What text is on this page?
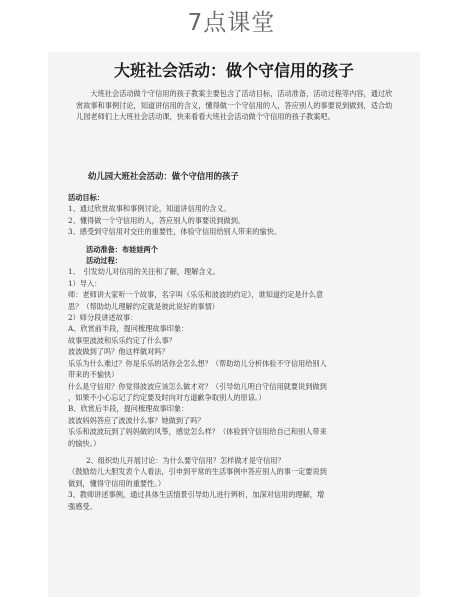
7点课堂
大班社会活动：做个守信用的孩子

大班社会活动做个守信用的孩子教案主要包含了活动目标，活动准备，活动过程等内容，通过欣赏故事和事例讨论，知道讲信用的含义，懂得做一个守信用的人，答应别人的事要说到做到，适合幼儿园老师们上大班社会活动课，快来看看大班社会活动做个守信用的孩子教案吧。

幼儿园大班社会活动：做个守信用的孩子
活动目标：
1、通过欣赏故事和事例讨论，知道讲信用的含义。
2、懂得做一个守信用的人，答应别人的事要说到做到。
3、感受到守信用对交往的重要性，体验守信用给别人带来的愉快。
活动准备：布娃娃两个
活动过程：
1、　引发幼儿对信用的关注和了解，理解含义。
1）导入：
师：老师讲大家听一个故事，名字叫《乐乐和波波的约定》，谁知道约定是什么意
思？（帮助幼儿理解约定就是彼此说好的事情）
2）师分段讲述故事：
A、欣赏前半段，提问梳理故事印象：
故事里波波和乐乐约定了什么事？
波波做到了吗？他这样做对吗？
乐乐为什么难过？你是乐乐的话你会怎么想？（帮助幼儿分析体验不守信用给别人
带来的不愉快）
什么是守信用？你觉得波波应该怎么做才对？（引导幼儿明白守信用就要说到做到
，如果不小心忘记了约定要及时向对方道歉争取别人的原谅。）
B、欣赏后半段，提问梳理故事印象：
波波妈妈答应了波波什么事？她做到了吗？
乐乐和波波玩到了妈妈做的风筝，感觉怎么样？（体验到守信用给自己和别人带来
的愉快。）
2、组织幼儿开展讨论：为什么要守信用？怎样做才是守信用？
（鼓励幼儿大胆发表个人看法，引申到平常的生活事例中答应别人的事一定要说到
做到，懂得守信用的重要性。）
3、教师讲述事例，通过具体生活情景引导幼儿进行辨析，加深对信用的理解，增
强感受。
